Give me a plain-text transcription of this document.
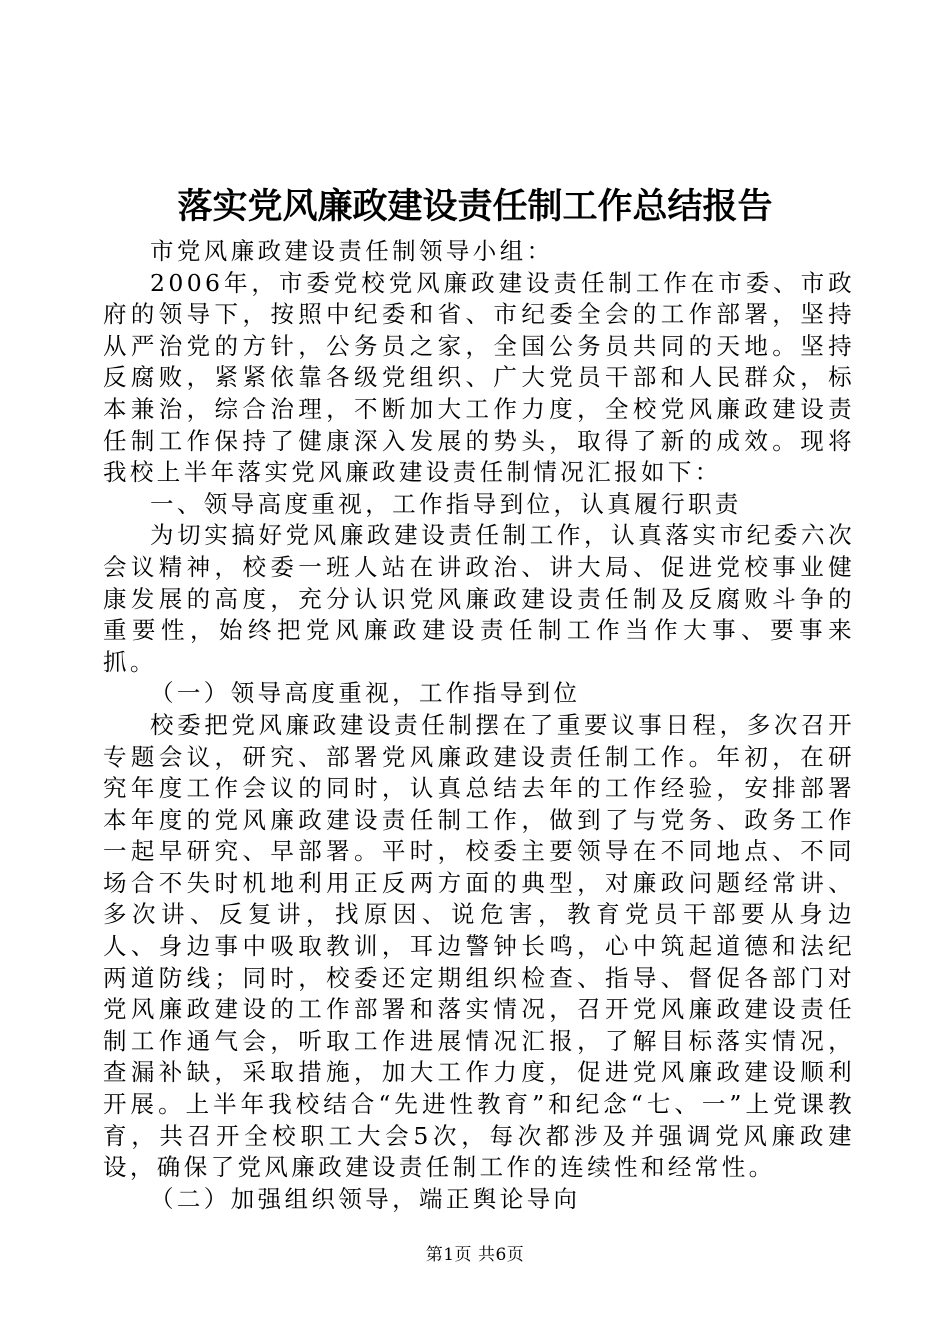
落实党风廉政建设责任制工作总结报告

市党风廉政建设责任制领导小组：

2006年，市委党校党风廉政建设责任制工作在市委、市政府的领导下，按照中纪委和省、市纪委全会的工作部署，坚持从严治党的方针，公务员之家，全国公务员共同的天地。坚持反腐败，紧紧依靠各级党组织、广大党员干部和人民群众，标本兼治，综合治理，不断加大工作力度，全校党风廉政建设责任制工作保持了健康深入发展的势头，取得了新的成效。现将我校上半年落实党风廉政建设责任制情况汇报如下：

一、领导高度重视，工作指导到位，认真履行职责

为切实搞好党风廉政建设责任制工作，认真落实市纪委六次会议精神，校委一班人站在讲政治、讲大局、促进党校事业健康发展的高度，充分认识党风廉政建设责任制及反腐败斗争的重要性，始终把党风廉政建设责任制工作当作大事、要事来抓。

（一）领导高度重视，工作指导到位

校委把党风廉政建设责任制摆在了重要议事日程，多次召开专题会议，研究、部署党风廉政建设责任制工作。年初，在研究年度工作会议的同时，认真总结去年的工作经验，安排部署本年度的党风廉政建设责任制工作，做到了与党务、政务工作一起早研究、早部署。平时，校委主要领导在不同地点、不同场合不失时机地利用正反两方面的典型，对廉政问题经常讲、多次讲、反复讲，找原因、说危害，教育党员干部要从身边人、身边事中吸取教训，耳边警钟长鸣，心中筑起道德和法纪两道防线；同时，校委还定期组织检查、指导、督促各部门对党风廉政建设的工作部署和落实情况，召开党风廉政建设责任制工作通气会，听取工作进展情况汇报，了解目标落实情况，查漏补缺，采取措施，加大工作力度，促进党风廉政建设顺利开展。上半年我校结合“先进性教育”和纪念“七、一”上党课教育，共召开全校职工大会5次，每次都涉及并强调党风廉政建设，确保了党风廉政建设责任制工作的连续性和经常性。

（二）加强组织领导，端正舆论导向

第1页 共6页
